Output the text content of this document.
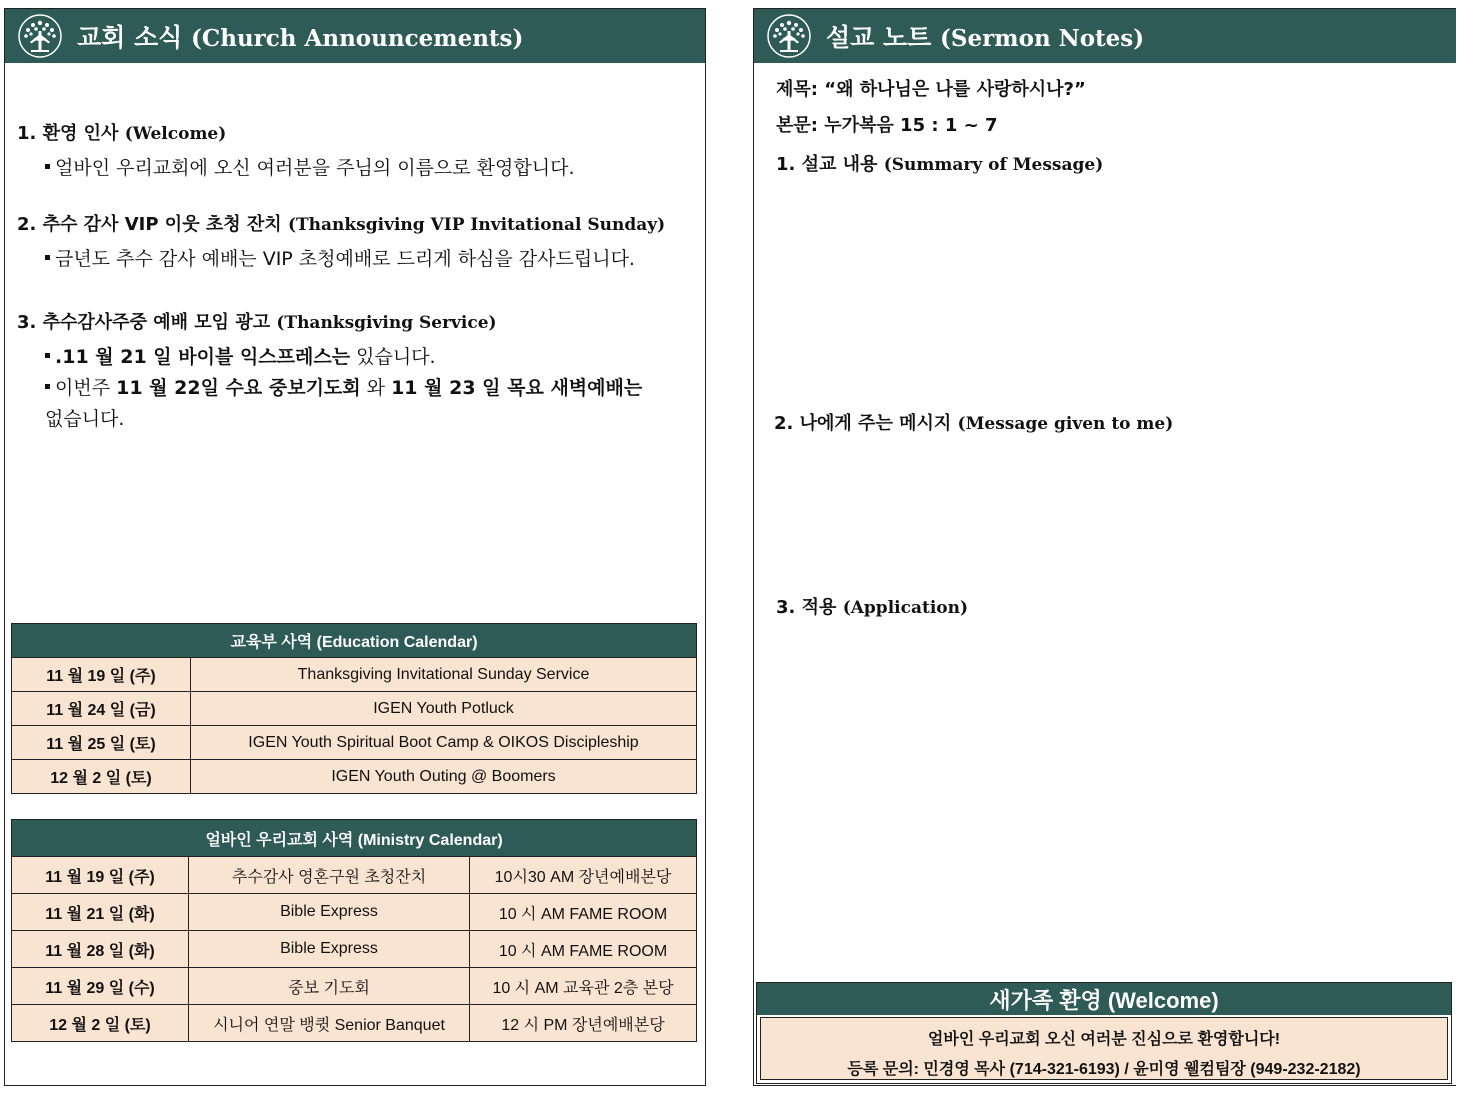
교회 소식 (Church Announcements)
1. 환영 인사 (Welcome)
얼바인 우리교회에 오신 여러분을 주님의 이름으로 환영합니다.
2. 추수 감사 VIP 이웃 초청 잔치 (Thanksgiving VIP Invitational Sunday)
금년도 추수 감사 예배는 VIP 초청예배로 드리게 하심을 감사드립니다.
3. 추수감사주중 예배 모임 광고 (Thanksgiving Service)
.11 월 21 일 바이블 익스프레스는 있습니다.
이번주 11 월 22일 수요 중보기도회 와 11 월 23 일 목요 새벽예배는
없습니다.
교육부 사역 (Education Calendar)	
11 월 19 일 (주)	Thanksgiving Invitational Sunday Service
11 월 24 일 (금)	IGEN Youth Potluck
11 월 25 일 (토)	IGEN Youth Spiritual Boot Camp & OIKOS Discipleship
12 월 2 일 (토)	IGEN Youth Outing @ Boomers
얼바인 우리교회 사역 (Ministry Calendar)		
11 월 19 일 (주)	추수감사 영혼구원 초청잔치	10시30 AM 장년예배본당
11 월 21 일 (화)	Bible Express	10 시 AM FAME ROOM
11 월 28 일 (화)	Bible Express	10 시 AM FAME ROOM
11 월 29 일 (수)	중보 기도회	10 시 AM 교육관 2층 본당
12 월 2 일 (토)	시니어 연말 뱅큇 Senior Banquet	12 시 PM 장년예배본당
설교 노트 (Sermon Notes)
제목: “왜 하나님은 나를 사랑하시나?”
본문: 누가복음 15 : 1 ~ 7
1. 설교 내용 (Summary of Message)
2. 나에게 주는 메시지 (Message given to me)
3. 적용 (Application)
새가족 환영 (Welcome)
얼바인 우리교회 오신 여러분 진심으로 환영합니다!
등록 문의: 민경영 목사 (714-321-6193) / 윤미영 웰컴팀장 (949-232-2182)
